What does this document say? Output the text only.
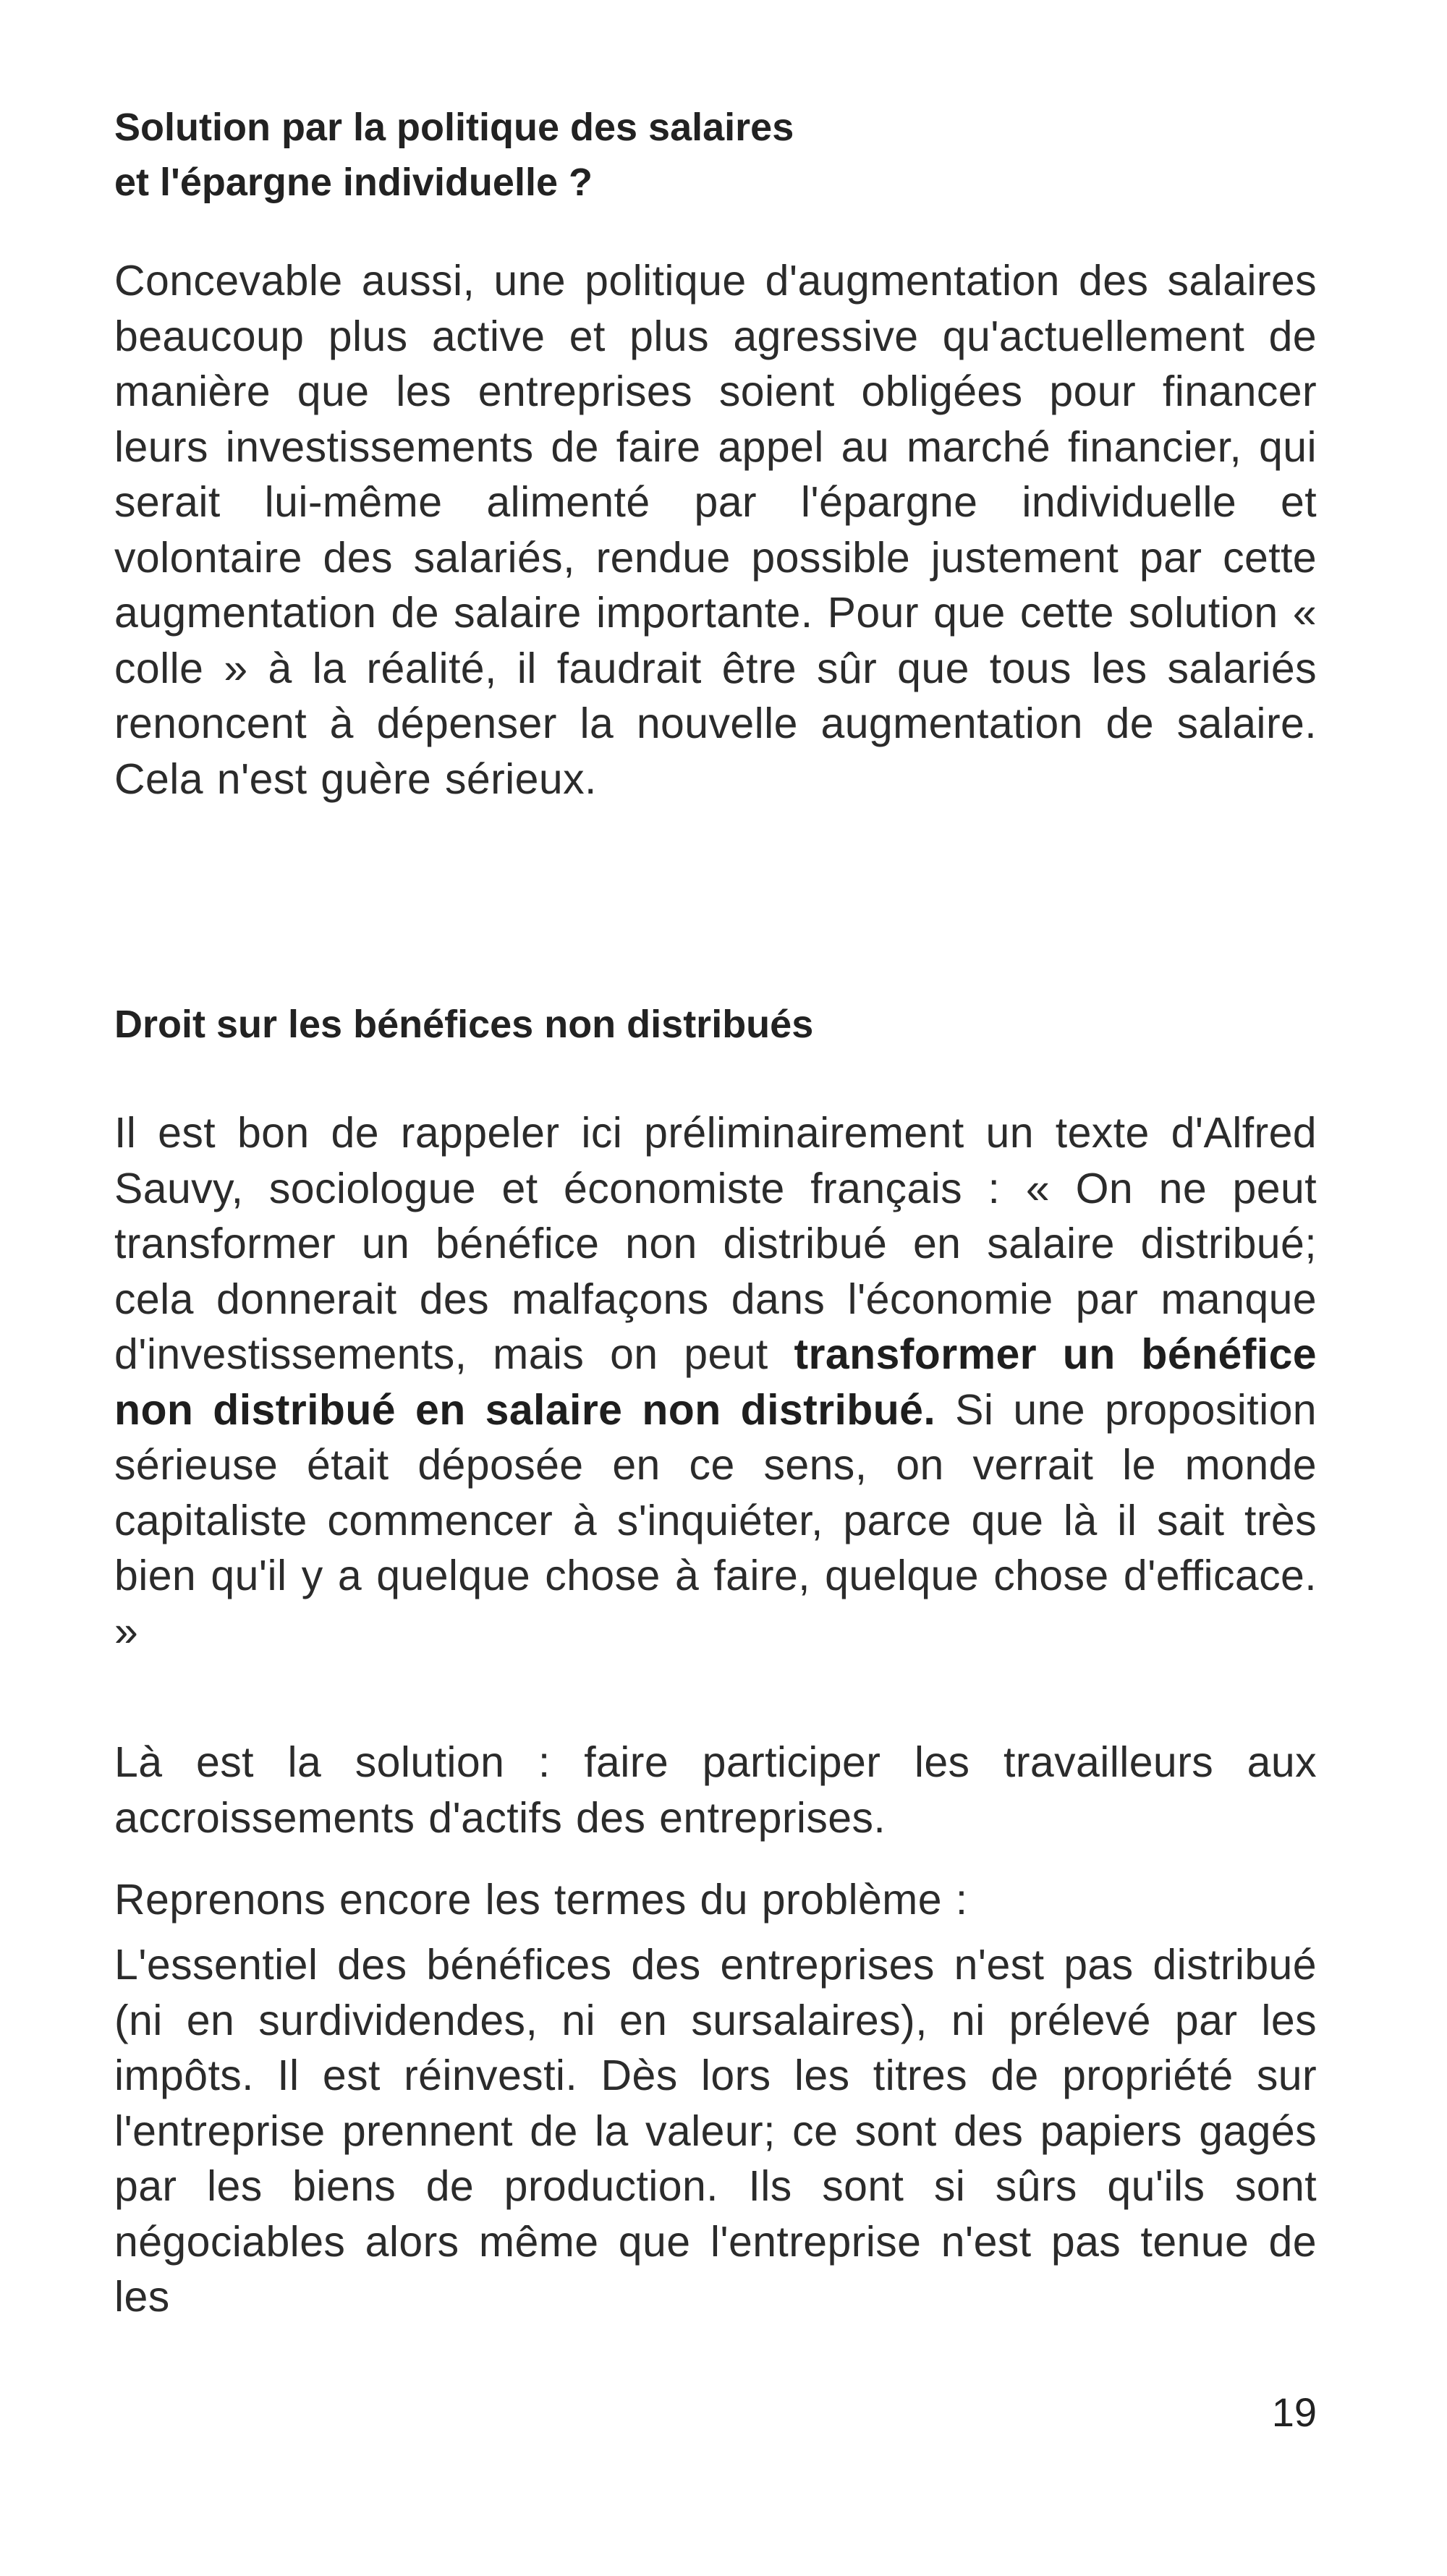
Solution par la politique des salaires
et l'épargne individuelle ?

Concevable aussi, une politique d'augmentation des salaires beaucoup plus active et plus agressive qu'actuellement de manière que les entreprises soient obligées pour financer leurs investissements de faire appel au marché financier, qui serait lui-même alimenté par l'épargne individuelle et volontaire des salariés, rendue possible justement par cette augmentation de salaire importante. Pour que cette solution « colle » à la réalité, il faudrait être sûr que tous les salariés renoncent à dépenser la nouvelle augmentation de salaire. Cela n'est guère sérieux.

Droit sur les bénéfices non distribués

Il est bon de rappeler ici préliminairement un texte d'Alfred Sauvy, sociologue et économiste français : « On ne peut transformer un bénéfice non distribué en salaire distribué; cela donnerait des malfaçons dans l'économie par manque d'investissements, mais on peut transformer un bénéfice non distribué en salaire non distribué. Si une proposition sérieuse était déposée en ce sens, on verrait le monde capitaliste commencer à s'inquiéter, parce que là il sait très bien qu'il y a quelque chose à faire, quelque chose d'efficace. »

Là est la solution : faire participer les travailleurs aux accroissements d'actifs des entreprises.

Reprenons encore les termes du problème :

L'essentiel des bénéfices des entreprises n'est pas distribué (ni en surdividendes, ni en sursalaires), ni prélevé par les impôts. Il est réinvesti. Dès lors les titres de propriété sur l'entreprise prennent de la valeur; ce sont des papiers gagés par les biens de production. Ils sont si sûrs qu'ils sont négociables alors même que l'entreprise n'est pas tenue de les

19
